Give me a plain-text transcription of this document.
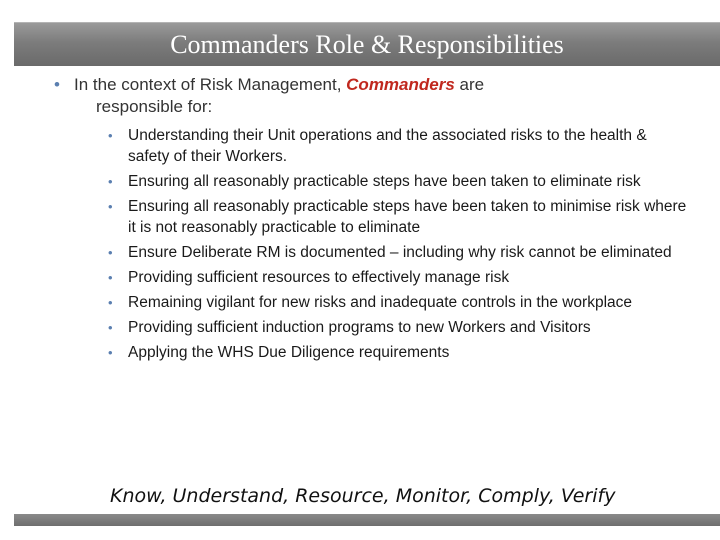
Commanders Role & Responsibilities
• In the context of Risk Management, Commanders are
responsible for:
• Understanding their Unit operations and the associated risks to the health & safety of their Workers.
• Ensuring all reasonably practicable steps have been taken to eliminate risk
• Ensuring all reasonably practicable steps have been taken to minimise risk where it is not reasonably practicable to eliminate
• Ensure Deliberate RM is documented – including why risk cannot be eliminated
• Providing sufficient resources to effectively manage risk
• Remaining vigilant for new risks and inadequate controls in the workplace
• Providing sufficient induction programs to new Workers and Visitors
• Applying the WHS Due Diligence requirements
Know, Understand, Resource, Monitor, Comply, Verify
